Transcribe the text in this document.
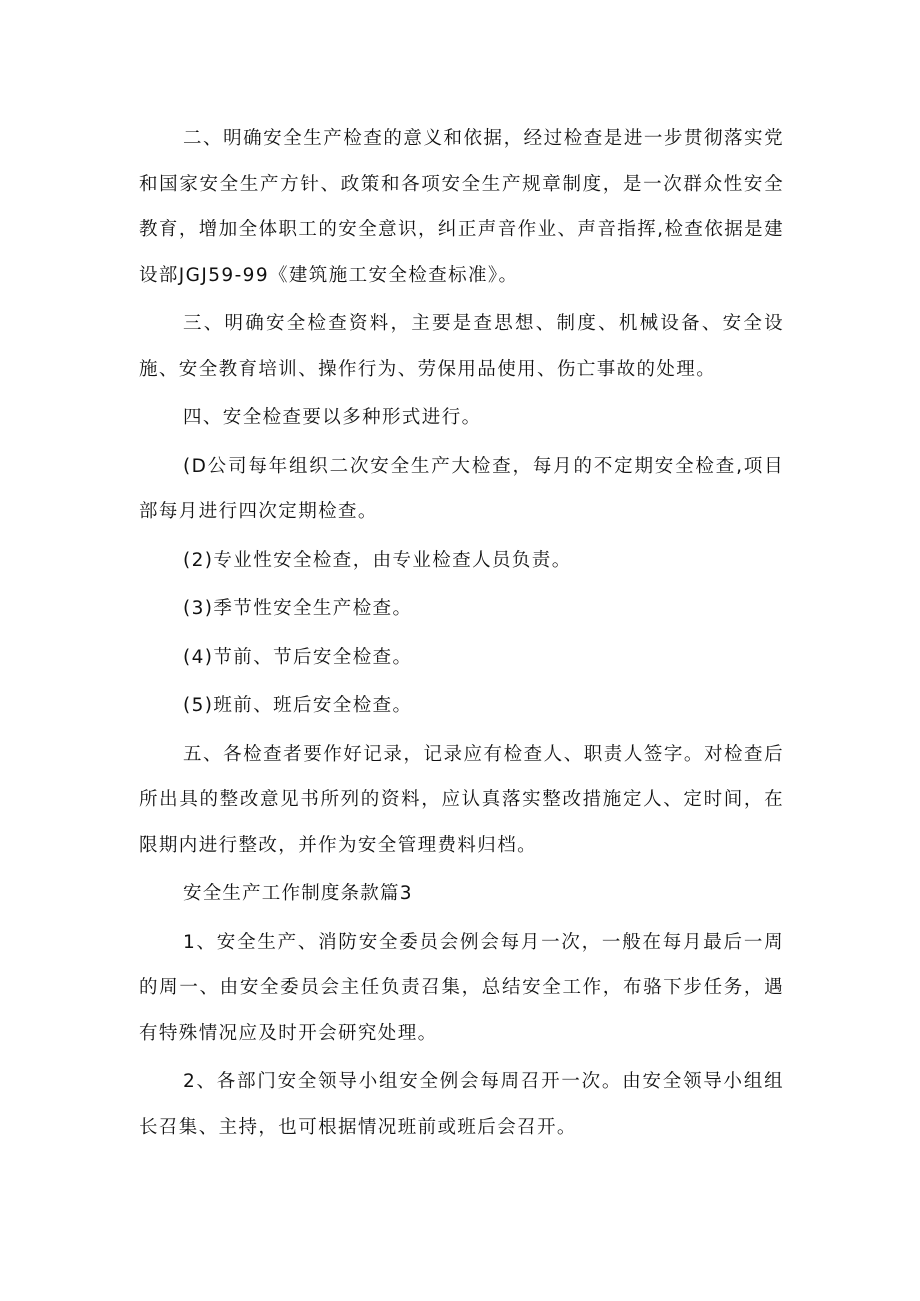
二、明确安全生产检查的意义和依据，经过检查是进一步贯彻落实党和国家安全生产方针、政策和各项安全生产规章制度，是一次群众性安全教育，增加全体职工的安全意识，纠正声音作业、声音指挥,检查依据是建设部JGJ59-99《建筑施工安全检查标准》。

三、明确安全检查资料，主要是查思想、制度、机械设备、安全设施、安全教育培训、操作行为、劳保用品使用、伤亡事故的处理。

四、安全检查要以多种形式进行。

(D公司每年组织二次安全生产大检查，每月的不定期安全检查,项目部每月进行四次定期检查。

(2)专业性安全检查，由专业检查人员负责。

(3)季节性安全生产检查。

(4)节前、节后安全检查。

(5)班前、班后安全检查。

五、各检查者要作好记录，记录应有检查人、职责人签字。对检查后所出具的整改意见书所列的资料，应认真落实整改措施定人、定时间，在限期内进行整改，并作为安全管理费料归档。

安全生产工作制度条款篇3

1、安全生产、消防安全委员会例会每月一次，一般在每月最后一周的周一、由安全委员会主任负责召集，总结安全工作，布骆下步任务，遇有特殊情况应及时开会研究处理。

2、各部门安全领导小组安全例会每周召开一次。由安全领导小组组长召集、主持，也可根据情况班前或班后会召开。
